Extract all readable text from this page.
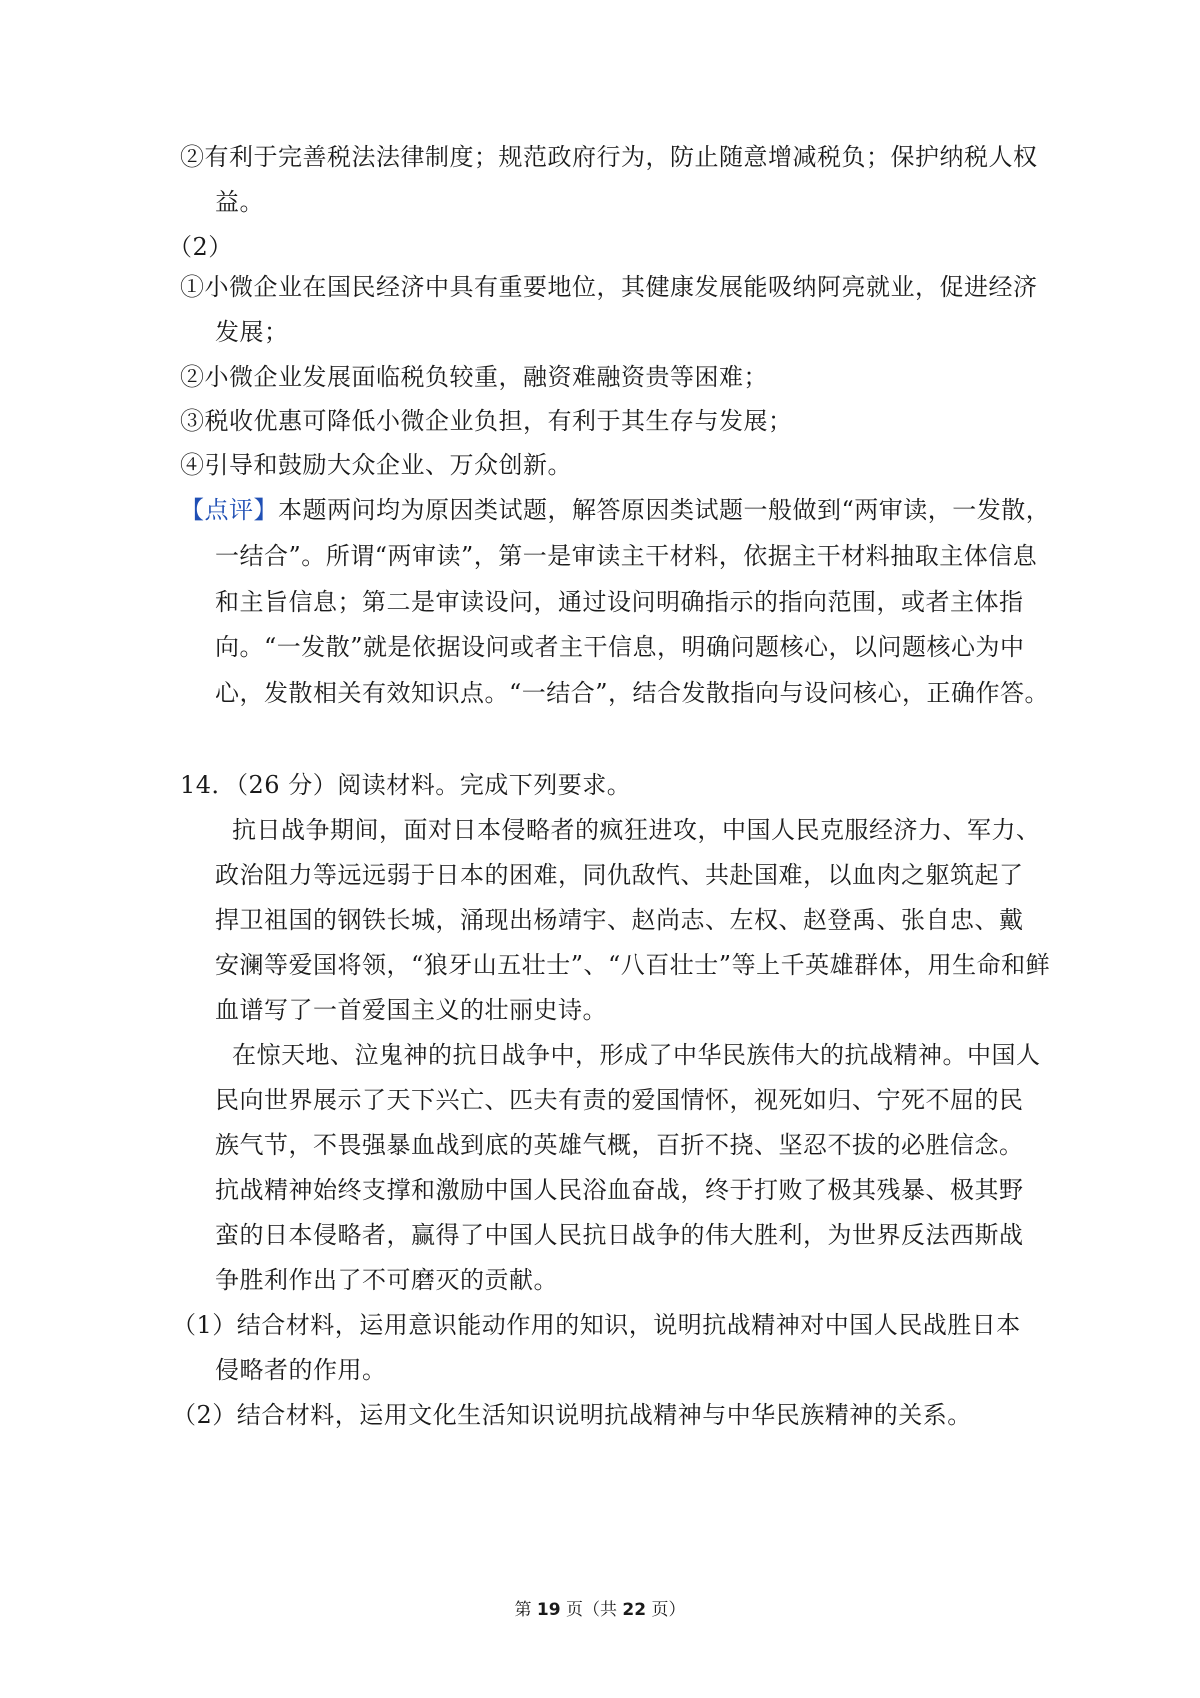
②有利于完善税法法律制度；规范政府行为，防止随意增减税负；保护纳税人权
益。
（2）
①小微企业在国民经济中具有重要地位，其健康发展能吸纳阿亮就业，促进经济
发展；
②小微企业发展面临税负较重，融资难融资贵等困难；
③税收优惠可降低小微企业负担，有利于其生存与发展；
④引导和鼓励大众企业、万众创新。
【点评】本题两问均为原因类试题，解答原因类试题一般做到“两审读，一发散，
一结合”。所谓“两审读”，第一是审读主干材料，依据主干材料抽取主体信息
和主旨信息；第二是审读设问，通过设问明确指示的指向范围，或者主体指
向。“一发散”就是依据设问或者主干信息，明确问题核心，以问题核心为中
心，发散相关有效知识点。“一结合”，结合发散指向与设问核心，正确作答。
14．（26 分）阅读材料。完成下列要求。
抗日战争期间，面对日本侵略者的疯狂进攻，中国人民克服经济力、军力、
政治阻力等远远弱于日本的困难，同仇敌忾、共赴国难，以血肉之躯筑起了
捍卫祖国的钢铁长城，涌现出杨靖宇、赵尚志、左权、赵登禹、张自忠、戴
安澜等爱国将领，“狼牙山五壮士”、“八百壮士”等上千英雄群体，用生命和鲜
血谱写了一首爱国主义的壮丽史诗。
在惊天地、泣鬼神的抗日战争中，形成了中华民族伟大的抗战精神。中国人
民向世界展示了天下兴亡、匹夫有责的爱国情怀，视死如归、宁死不屈的民
族气节，不畏强暴血战到底的英雄气概，百折不挠、坚忍不拔的必胜信念。
抗战精神始终支撑和激励中国人民浴血奋战，终于打败了极其残暴、极其野
蛮的日本侵略者，赢得了中国人民抗日战争的伟大胜利，为世界反法西斯战
争胜利作出了不可磨灭的贡献。
（1）结合材料，运用意识能动作用的知识，说明抗战精神对中国人民战胜日本
侵略者的作用。
（2）结合材料，运用文化生活知识说明抗战精神与中华民族精神的关系。
第 19 页（共 22 页）
